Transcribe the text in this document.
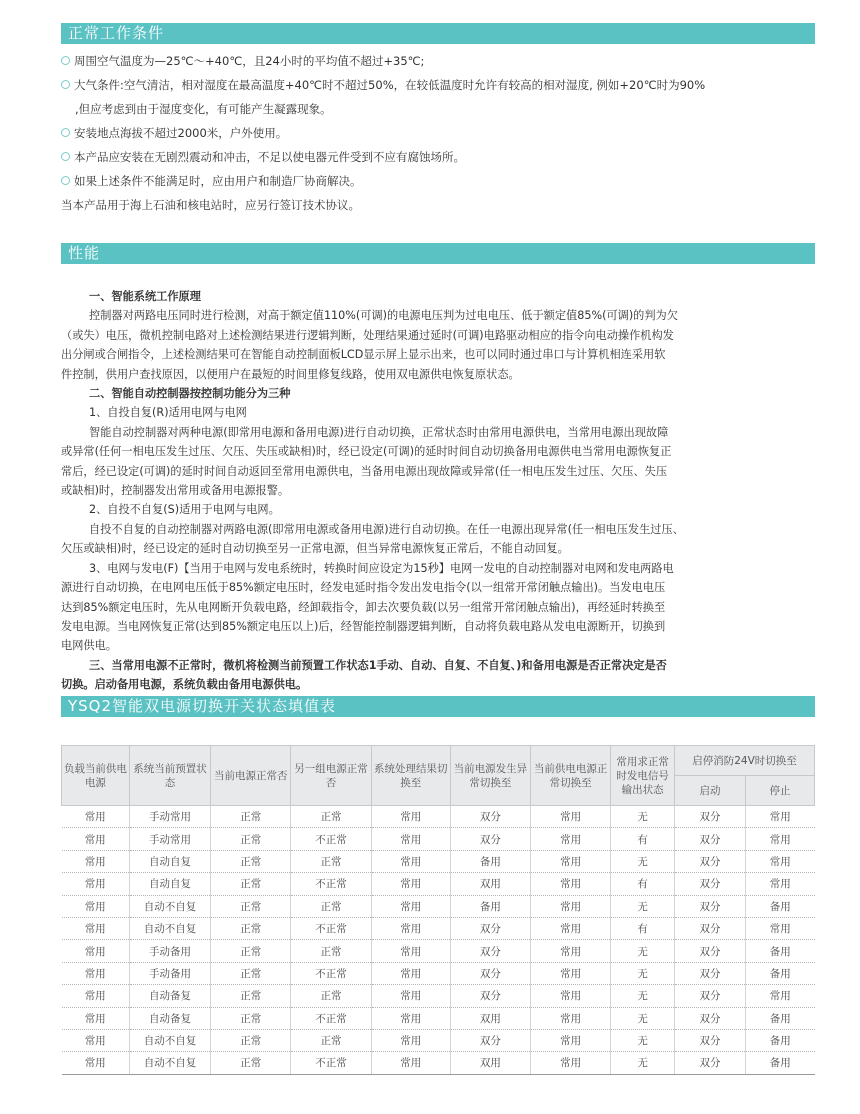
正常工作条件
周围空气温度为—25℃～+40℃，且24小时的平均值不超过+35℃;
大气条件:空气清洁，相对湿度在最高温度+40℃时不超过50%，在较低温度时允许有较高的相对湿度, 例如+20℃时为90%
,但应考虑到由于湿度变化，有可能产生凝露现象。
安装地点海拔不超过2000米，户外使用。
本产品应安装在无剧烈震动和冲击，不足以使电器元件受到不应有腐蚀场所。
如果上述条件不能满足时，应由用户和制造厂协商解决。
当本产品用于海上石油和核电站时，应另行签订技术协议。
性能
一、智能系统工作原理
控制器对两路电压同时进行检测，对高于额定值110%(可调)的电源电压判为过电电压、低于额定值85%(可调)的判为欠
（或失）电压，微机控制电路对上述检测结果进行逻辑判断，处理结果通过延时(可调)电路驱动相应的指令向电动操作机构发
出分闸或合闸指令，上述检测结果可在智能自动控制面板LCD显示屏上显示出来，也可以同时通过串口与计算机相连采用软
件控制，供用户查找原因，以便用户在最短的时间里修复线路，使用双电源供电恢复原状态。
二、智能自动控制器按控制功能分为三种
1、自投自复(R)适用电网与电网
智能自动控制器对两种电源(即常用电源和备用电源)进行自动切换，正常状态时由常用电源供电，当常用电源出现故障
或异常(任何一相电压发生过压、欠压、失压或缺相)时，经已设定(可调)的延时时间自动切换备用电源供电当常用电源恢复正
常后，经已设定(可调)的延时时间自动返回至常用电源供电，当备用电源出现故障或异常(任一相电压发生过压、欠压、失压
或缺相)时，控制器发出常用或备用电源报警。
2、自投不自复(S)适用于电网与电网。
自投不自复的自动控制器对两路电源(即常用电源或备用电源)进行自动切换。在任一电源出现异常(任一相电压发生过压、
欠压或缺相)时，经已设定的延时自动切换至另一正常电源，但当异常电源恢复正常后，不能自动回复。
3、电网与发电(F)【当用于电网与发电系统时，转换时间应设定为15秒】电网一发电的自动控制器对电网和发电两路电
源进行自动切换，在电网电压低于85%额定电压时，经发电延时指令发出发电指令(以一组常开常闭触点输出)。当发电电压
达到85%额定电压时，先从电网断开负载电路，经卸载指令，卸去次要负载(以另一组常开常闭触点输出)，再经延时转换至
发电电源。当电网恢复正常(达到85%额定电压以上)后，经智能控制器逻辑判断，自动将负载电路从发电电源断开，切换到
电网供电。
三、当常用电源不正常时，微机将检测当前预置工作状态1手动、自动、自复、不自复、)和备用电源是否正常决定是否
切换。启动备用电源，系统负载由备用电源供电。
YSQ2智能双电源切换开关状态填值表
负载当前供电电源	系统当前预置状态	当前电源正常否	另一组电源正常否	系统处理结果切换至	当前电源发生异常切换至	当前供电电源正常切换至	常用求正常时发电信号输出状态	启停消防24V时切换至	
								启动	停止
常用	手动常用	正常	正常	常用	双分	常用	无	双分	常用
常用	手动常用	正常	不正常	常用	双分	常用	有	双分	常用
常用	自动自复	正常	正常	常用	备用	常用	无	双分	常用
常用	自动自复	正常	不正常	常用	双用	常用	有	双分	常用
常用	自动不自复	正常	正常	常用	备用	常用	无	双分	备用
常用	自动不自复	正常	不正常	常用	双分	常用	有	双分	常用
常用	手动备用	正常	正常	常用	双分	常用	无	双分	备用
常用	手动备用	正常	不正常	常用	双分	常用	无	双分	备用
常用	自动备复	正常	正常	常用	双分	常用	无	双分	常用
常用	自动备复	正常	不正常	常用	双用	常用	无	双分	备用
常用	自动不自复	正常	正常	常用	双分	常用	无	双分	备用
常用	自动不自复	正常	不正常	常用	双用	常用	无	双分	备用
